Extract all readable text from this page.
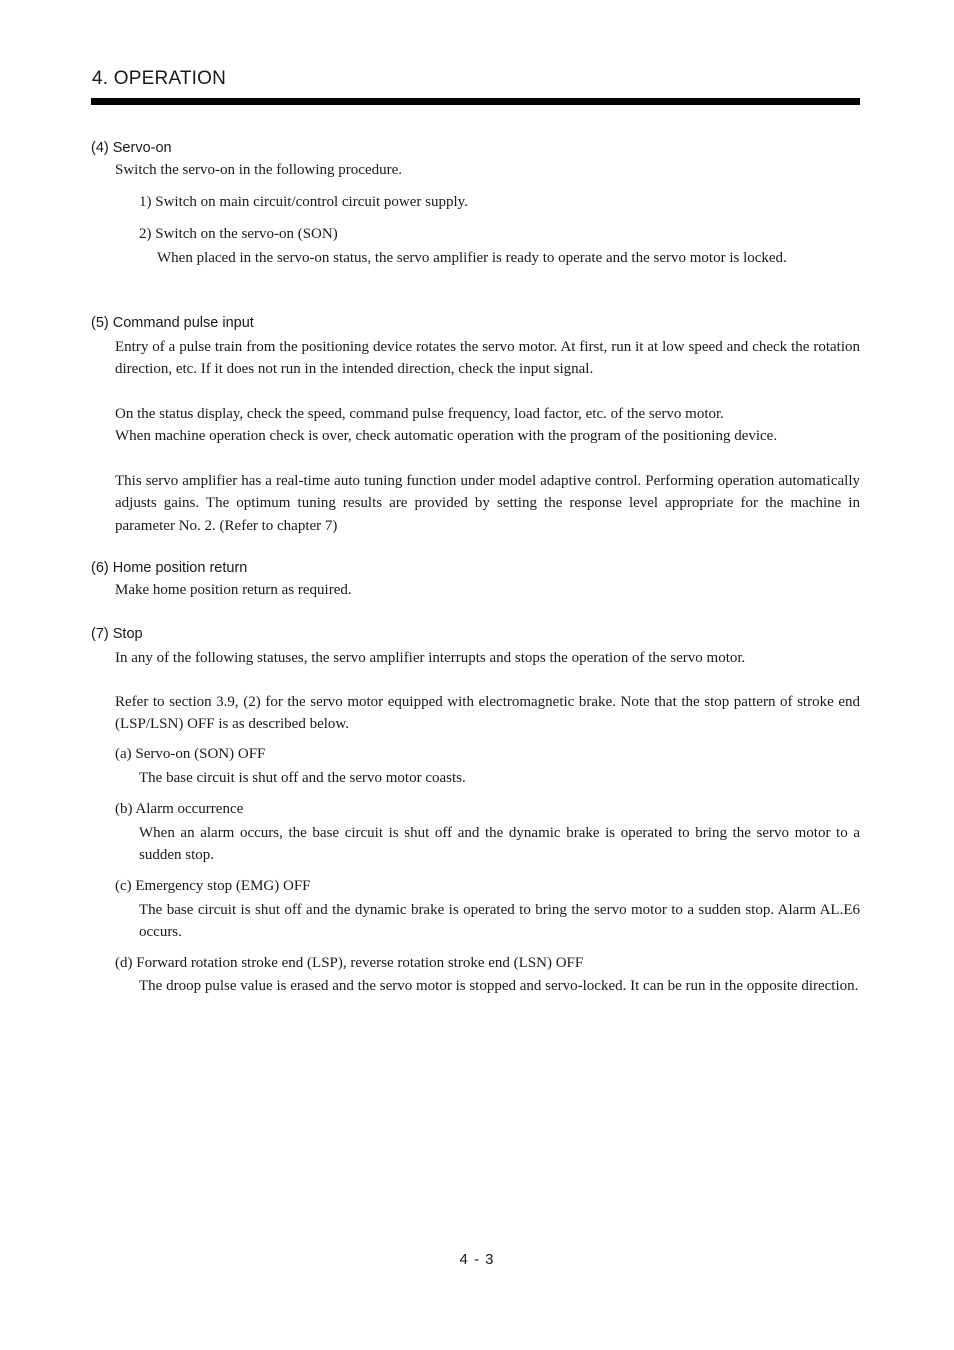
4. OPERATION
(4) Servo-on
Switch the servo-on in the following procedure.
1) Switch on main circuit/control circuit power supply.
2) Switch on the servo-on (SON)
When placed in the servo-on status, the servo amplifier is ready to operate and the servo motor is locked.
(5) Command pulse input
Entry of a pulse train from the positioning device rotates the servo motor. At first, run it at low speed and check the rotation direction, etc. If it does not run in the intended direction, check the input signal.
On the status display, check the speed, command pulse frequency, load factor, etc. of the servo motor.
When machine operation check is over, check automatic operation with the program of the positioning device.
This servo amplifier has a real-time auto tuning function under model adaptive control. Performing operation automatically adjusts gains. The optimum tuning results are provided by setting the response level appropriate for the machine in parameter No. 2. (Refer to chapter 7)
(6) Home position return
Make home position return as required.
(7) Stop
In any of the following statuses, the servo amplifier interrupts and stops the operation of the servo motor.
Refer to section 3.9, (2) for the servo motor equipped with electromagnetic brake. Note that the stop pattern of stroke end (LSP/LSN) OFF is as described below.
(a) Servo-on (SON) OFF
The base circuit is shut off and the servo motor coasts.
(b) Alarm occurrence
When an alarm occurs, the base circuit is shut off and the dynamic brake is operated to bring the servo motor to a sudden stop.
(c) Emergency stop (EMG) OFF
The base circuit is shut off and the dynamic brake is operated to bring the servo motor to a sudden stop. Alarm AL.E6 occurs.
(d) Forward rotation stroke end (LSP), reverse rotation stroke end (LSN) OFF
The droop pulse value is erased and the servo motor is stopped and servo-locked. It can be run in the opposite direction.
4 - 3
